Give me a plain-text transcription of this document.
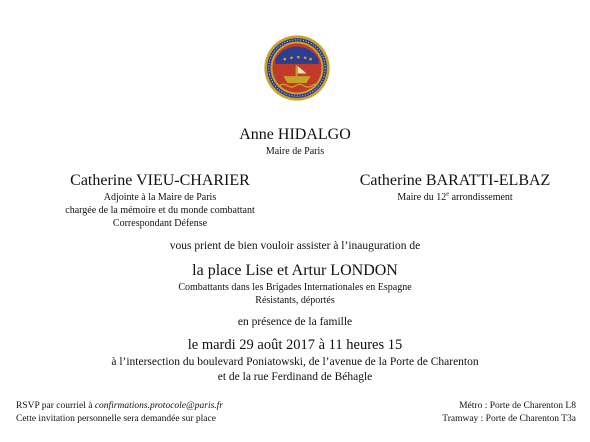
Anne HIDALGO
Maire de Paris
Catherine VIEU-CHARIER
Adjointe à la Maire de Paris
chargée de la mémoire et du monde combattant
Correspondant Défense
Catherine BARATTI-ELBAZ
Maire du 12e arrondissement
vous prient de bien vouloir assister à l’inauguration de
la place Lise et Artur LONDON
Combattants dans les Brigades Internationales en Espagne
Résistants, déportés
en présence de la famille
le mardi 29 août 2017 à 11 heures 15
à l’intersection du boulevard Poniatowski, de l’avenue de la Porte de Charenton
et de la rue Ferdinand de Béhagle
RSVP par courriel à confirmations.protocole@paris.fr
Cette invitation personnelle sera demandée sur place
Métro : Porte de Charenton L8
Tramway : Porte de Charenton T3a
